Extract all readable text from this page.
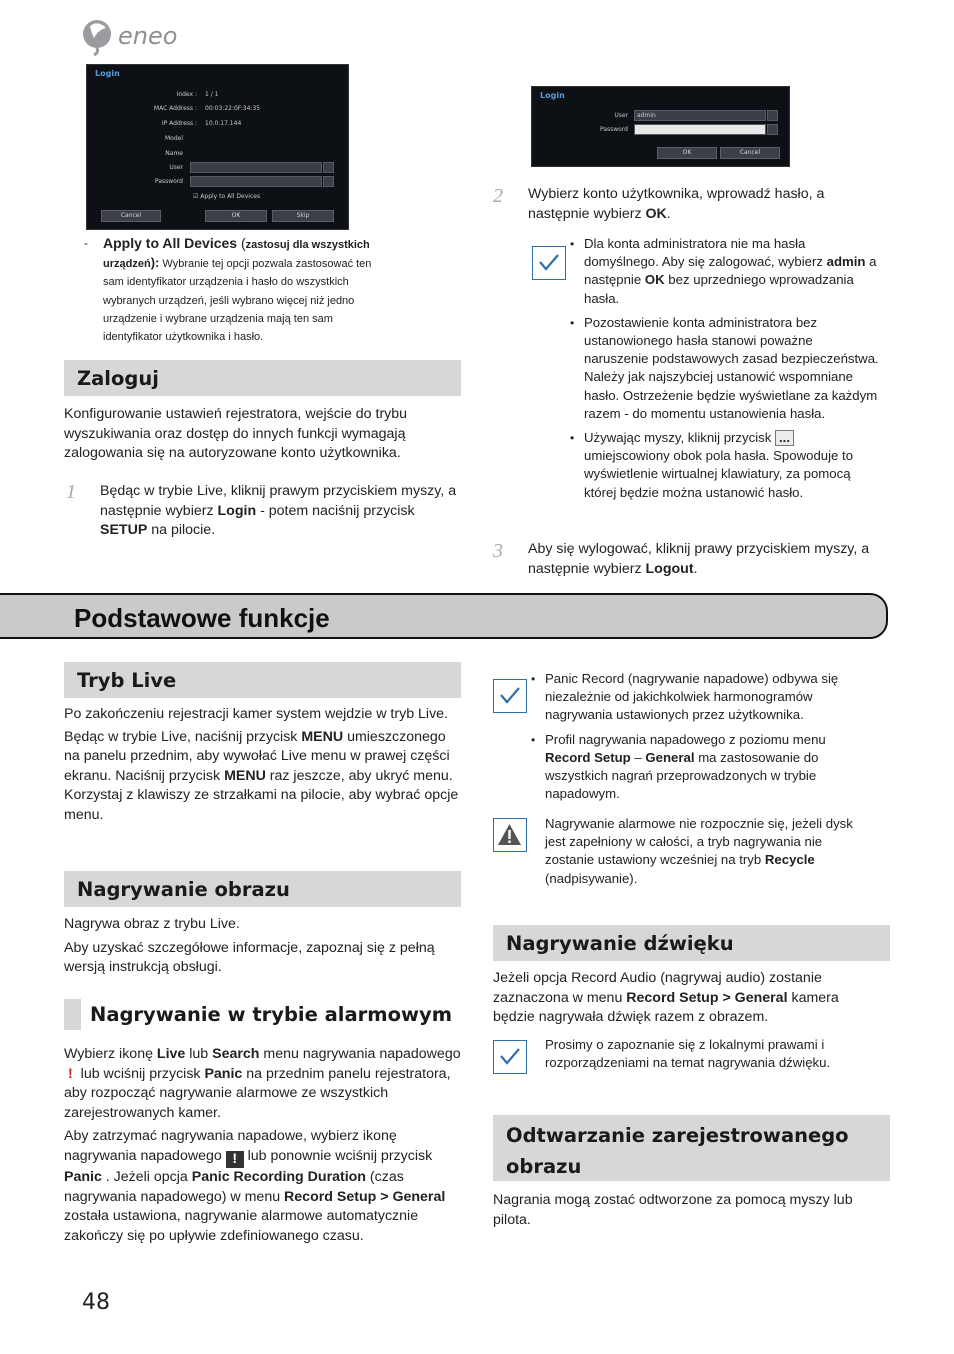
eneo
Login
Index : 1 / 1
MAC Address : 00:03:22:0F:34:35
IP Address : 10.0.17.144
Model
Name
User
Password
☑ Apply to All Devices
Cancel	OK	Skip
Login
User admin
Password
OK	Cancel
-	Apply to All Devices (zastosuj dla wszystkich urządzeń): Wybranie tej opcji pozwala zastosować ten sam identyfikator urządzenia i hasło do wszystkich wybranych urządzeń, jeśli wybrano więcej niż jedno urządzenie i wybrane urządzenia mają ten sam identyfikator użytkownika i hasło.
Zaloguj

Konfigurowanie ustawień rejestratora, wejście do trybu wyszukiwania oraz dostęp do innych funkcji wymagają zalogowania się na autoryzowane konto użytkownika.

1 Będąc w trybie Live, kliknij prawym przyciskiem myszy, a następnie wybierz Login - potem naciśnij przycisk SETUP na pilocie.

2 Wybierz konto użytkownika, wprowadź hasło, a następnie wybierz OK.

• Dla konta administratora nie ma hasła domyślnego. Aby się zalogować, wybierz admin a następnie OK bez uprzedniego wprowadzania hasła.
• Pozostawienie konta administratora bez ustanowionego hasła stanowi poważne naruszenie podstawowych zasad bezpieczeństwa. Należy jak najszybciej ustanowić wspomniane hasło. Ostrzeżenie będzie wyświetlane za każdym razem - do momentu ustanowienia hasła.
• Używając myszy, kliknij przycisk ... umiejscowiony obok pola hasła. Spowoduje to wyświetlenie wirtualnej klawiatury, za pomocą której będzie można ustanowić hasło.
3 Aby się wylogować, kliknij prawy przyciskiem myszy, a następnie wybierz Logout.

Podstawowe funkcje
Tryb Live

Po zakończeniu rejestracji kamer system wejdzie w tryb Live.

Będąc w trybie Live, naciśnij przycisk MENU umieszczonego na panelu przednim, aby wywołać Live menu w prawej części ekranu. Naciśnij przycisk MENU raz jeszcze, aby ukryć menu. Korzystaj z klawiszy ze strzałkami na pilocie, aby wybrać opcje menu.

Nagrywanie obrazu

Nagrywa obraz z trybu Live.

Aby uzyskać szczegółowe informacje, zapoznaj się z pełną wersją instrukcją obsługi.

Nagrywanie w trybie alarmowym

Wybierz ikonę Live lub Search menu nagrywania napadowego ! lub wciśnij przycisk Panic na przednim panelu rejestratora, aby rozpocząć nagrywanie alarmowe ze wszystkich zarejestrowanych kamer.

Aby zatrzymać nagrywania napadowe, wybierz ikonę nagrywania napadowego ! lub ponownie wciśnij przycisk Panic . Jeżeli opcja Panic Recording Duration (czas nagrywania napadowego) w menu Record Setup > General została ustawiona, nagrywanie alarmowe automatycznie zakończy się po upływie zdefiniowanego czasu.

• Panic Record (nagrywanie napadowe) odbywa się niezależnie od jakichkolwiek harmonogramów nagrywania ustawionych przez użytkownika.
• Profil nagrywania napadowego z poziomu menu Record Setup – General ma zastosowanie do wszystkich nagrań przeprowadzonych w trybie napadowym.

Nagrywanie alarmowe nie rozpocznie się, jeżeli dysk jest zapełniony w całości, a tryb nagrywania nie zostanie ustawiony wcześniej na tryb Recycle (nadpisywanie).

Nagrywanie dźwięku

Jeżeli opcja Record Audio (nagrywaj audio) zostanie zaznaczona w menu Record Setup > General kamera będzie nagrywała dźwięk razem z obrazem.

Prosimy o zapoznanie się z lokalnymi prawami i rozporządzeniami na temat nagrywania dźwięku.

Odtwarzanie zarejestrowanego obrazu

Nagrania mogą zostać odtworzone za pomocą myszy lub pilota.

48
